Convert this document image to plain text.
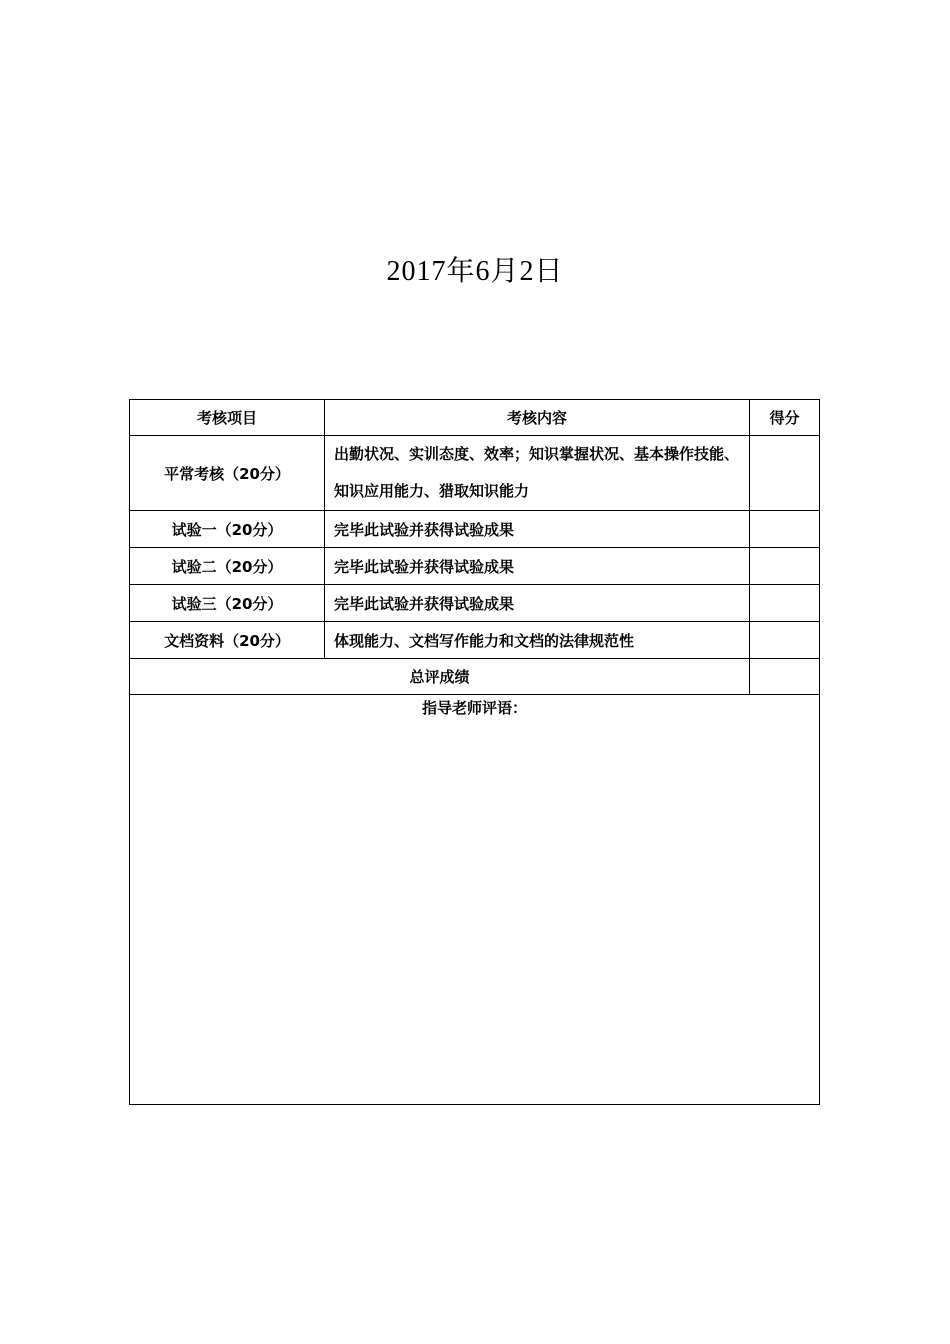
2017年6月2日
考核项目	考核内容	得分
平常考核（20分）	出勤状况、实训态度、效率；知识掌握状况、基本操作技能、知识应用能力、猎取知识能力	

试验一（20分）	完毕此试验并获得试验成果	
试验二（20分）	完毕此试验并获得试验成果	
试验三（20分）	完毕此试验并获得试验成果	
文档资料（20分）	体现能力、文档写作能力和文档的法律规范性	
总评成绩		

指导老师评语：		
